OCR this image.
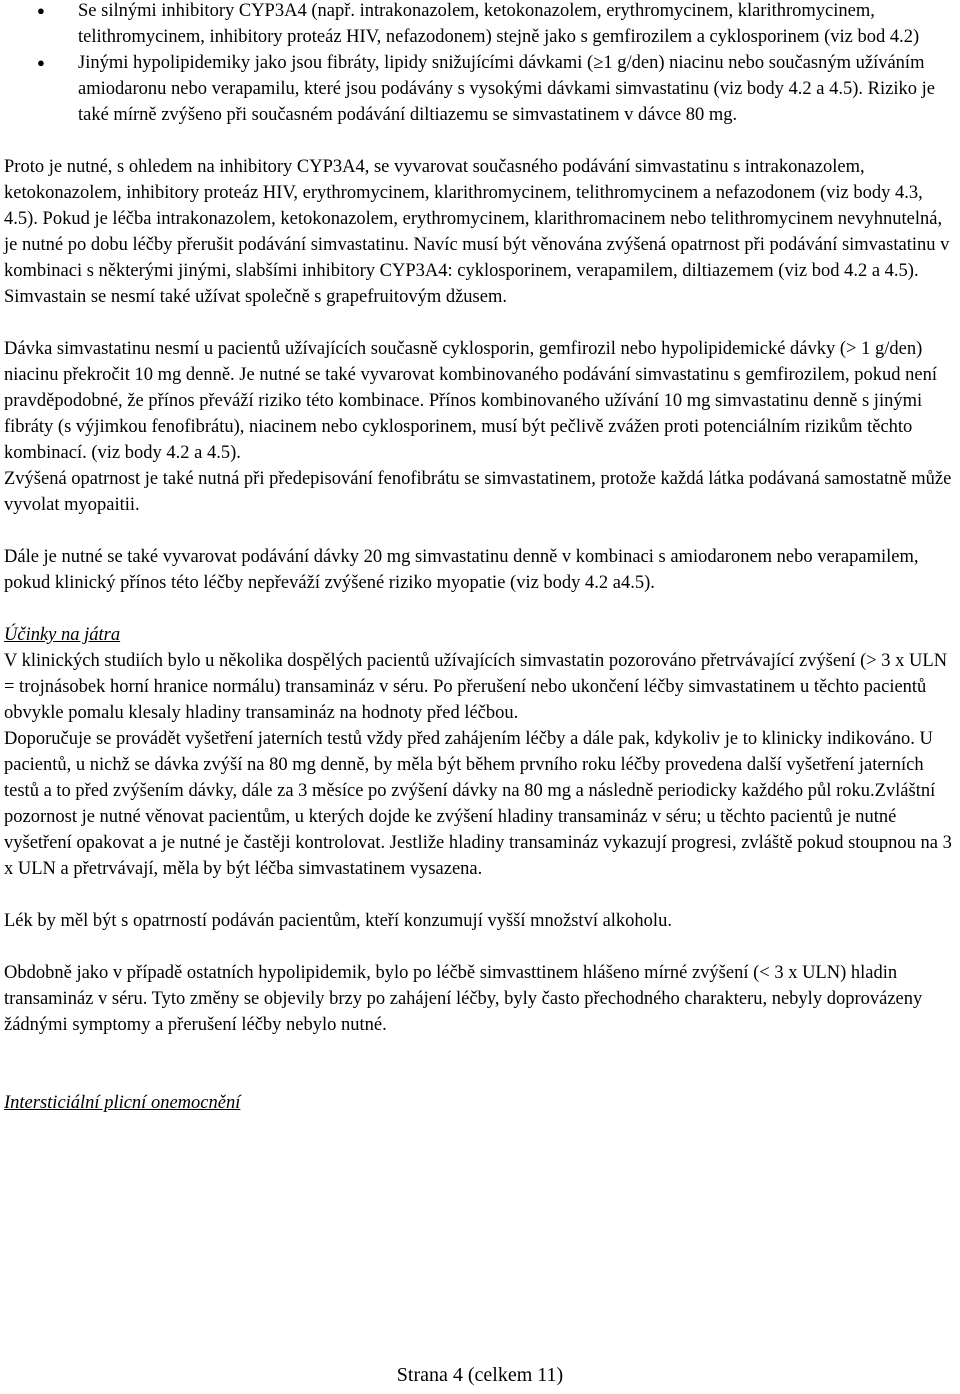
● Se silnými inhibitory CYP3A4 (např. intrakonazolem, ketokonazolem, erythromycinem, klarithromycinem, telithromycinem, inhibitory proteáz HIV, nefazodonem) stejně jako s gemfirozilem a cyklosporinem (viz bod 4.2)
● Jinými hypolipidemiky jako jsou fibráty, lipidy snižujícími dávkami (≥1 g/den) niacinu nebo současným užíváním amiodaronu nebo verapamilu, které jsou podávány s vysokými dávkami simvastatinu (viz body 4.2 a 4.5). Riziko je také mírně zvýšeno při současném podávání diltiazemu se simvastatinem v dávce 80 mg.

Proto je nutné, s ohledem na inhibitory CYP3A4, se vyvarovat současného podávání simvastatinu s intrakonazolem, ketokonazolem, inhibitory proteáz HIV, erythromycinem, klarithromycinem, telithromycinem a nefazodonem (viz body 4.3, 4.5). Pokud je léčba intrakonazolem, ketokonazolem, erythromycinem, klarithromacinem nebo telithromycinem nevyhnutelná, je nutné po dobu léčby přerušit podávání simvastatinu. Navíc musí být věnována zvýšená opatrnost při podávání simvastatinu v kombinaci s některými jinými, slabšími inhibitory CYP3A4: cyklosporinem, verapamilem, diltiazemem (viz bod 4.2 a 4.5).

Simvastain se nesmí také užívat společně s grapefruitovým džusem.

Dávka simvastatinu nesmí u pacientů užívajících současně cyklosporin, gemfirozil nebo hypolipidemické dávky (> 1 g/den) niacinu překročit 10 mg denně. Je nutné se také vyvarovat kombinovaného podávání simvastatinu s gemfirozilem, pokud není pravděpodobné, že přínos převáží riziko této kombinace. Přínos kombinovaného užívání 10 mg simvastatinu denně s jinými fibráty (s výjimkou fenofibrátu), niacinem nebo cyklosporinem, musí být pečlivě zvážen proti potenciálním rizikům těchto kombinací. (viz body 4.2 a 4.5).

Zvýšená opatrnost je také nutná při předepisování fenofibrátu se simvastatinem, protože každá látka podávaná samostatně může vyvolat myopaitii.

Dále je nutné se také vyvarovat podávání dávky 20 mg simvastatinu denně v kombinaci s amiodaronem nebo verapamilem, pokud klinický přínos této léčby nepřeváží zvýšené riziko myopatie (viz body 4.2 a4.5).

Účinky na játra

V klinických studiích bylo u několika dospělých pacientů užívajících simvastatin pozorováno přetrvávající zvýšení (> 3 x ULN = trojnásobek horní hranice normálu) transamináz v séru. Po přerušení nebo ukončení léčby simvastatinem u těchto pacientů obvykle pomalu klesaly hladiny transamináz na hodnoty před léčbou.

Doporučuje se provádět vyšetření jaterních testů vždy před zahájením léčby a dále pak, kdykoliv je to klinicky indikováno. U pacientů, u nichž se dávka zvýší na 80 mg denně, by měla být během prvního roku léčby provedena další vyšetření jaterních testů a to před zvýšením dávky, dále za 3 měsíce po zvýšení dávky na 80 mg a následně periodicky každého půl roku.Zvláštní pozornost je nutné věnovat pacientům, u kterých dojde ke zvýšení hladiny transamináz v séru; u těchto pacientů je nutné vyšetření opakovat a je nutné je častěji kontrolovat. Jestliže hladiny transamináz vykazují progresi, zvláště pokud stoupnou na 3 x ULN a přetrvávají, měla by být léčba simvastatinem vysazena.

Lék by měl být s opatrností podáván pacientům, kteří konzumují vyšší množství alkoholu.

Obdobně jako v případě ostatních hypolipidemik, bylo po léčbě simvasttinem hlášeno mírné zvýšení (< 3 x ULN) hladin transamináz v séru. Tyto změny se objevily brzy po zahájení léčby, byly často přechodného charakteru, nebyly doprovázeny žádnými symptomy a přerušení léčby nebylo nutné.

Intersticiální plicní onemocnění

Strana 4 (celkem 11)
